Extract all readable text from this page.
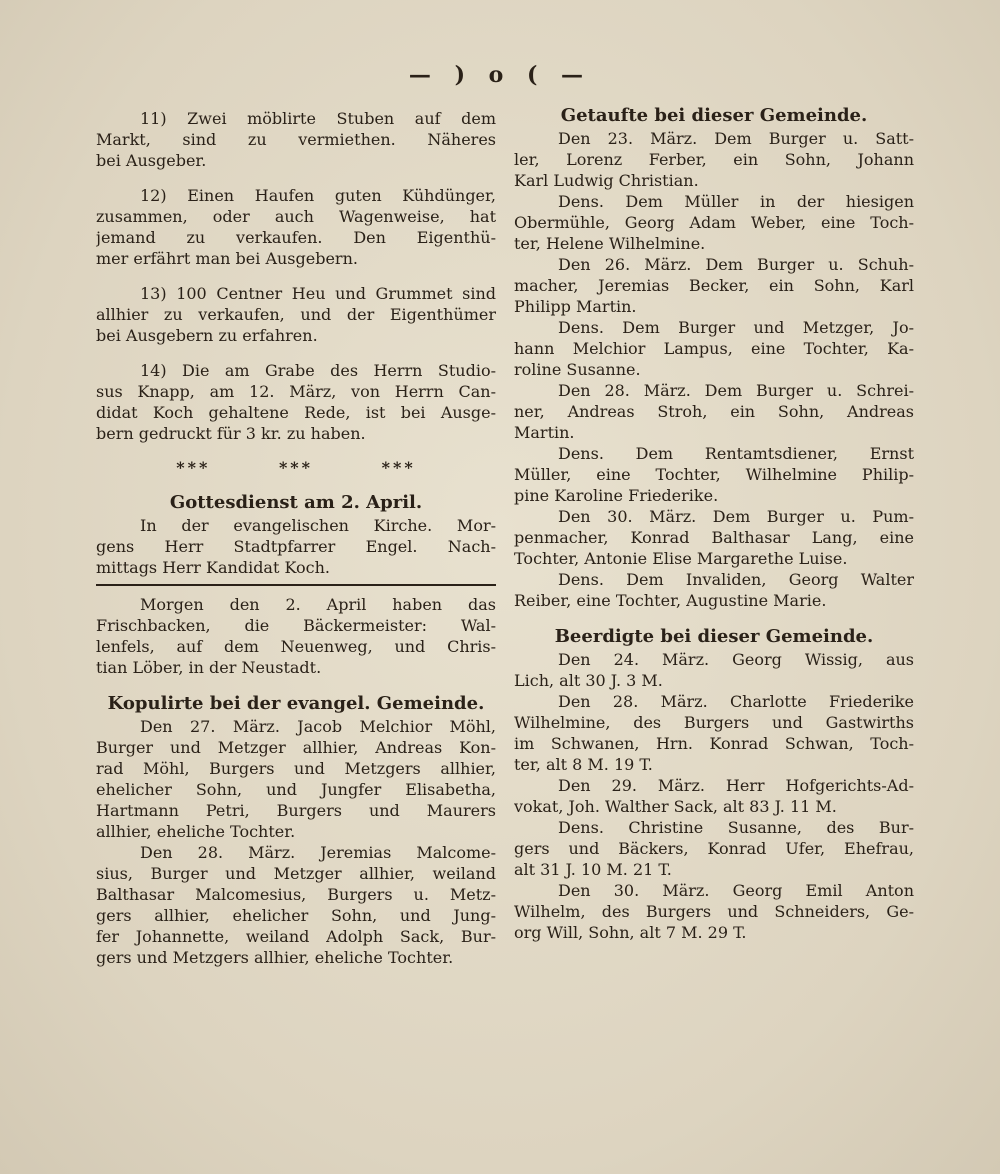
— ) o ( —
11) Zwei möblirte Stuben auf dem
Markt, sind zu vermiethen. Näheres
bei Ausgeber.
12) Einen Haufen guten Kühdünger,
zusammen, oder auch Wagenweise, hat
jemand zu verkaufen. Den Eigenthü-
mer erfährt man bei Ausgebern.
13) 100 Centner Heu und Grummet sind
allhier zu verkaufen, und der Eigenthümer
bei Ausgebern zu erfahren.
14) Die am Grabe des Herrn Studio-
sus Knapp, am 12. März, von Herrn Can-
didat Koch gehaltene Rede, ist bei Ausge-
bern gedruckt für 3 kr. zu haben.
*** *** ***
Gottesdienst am 2. April.
In der evangelischen Kirche. Mor-
gens Herr Stadtpfarrer Engel. Nach-
mittags Herr Kandidat Koch.
Morgen den 2. April haben das
Frischbacken, die Bäckermeister: Wal-
lenfels, auf dem Neuenweg, und Chris-
tian Löber, in der Neustadt.
Kopulirte bei der evangel. Gemeinde.
Den 27. März. Jacob Melchior Möhl,
Burger und Metzger allhier, Andreas Kon-
rad Möhl, Burgers und Metzgers allhier,
ehelicher Sohn, und Jungfer Elisabetha,
Hartmann Petri, Burgers und Maurers
allhier, eheliche Tochter.
Den 28. März. Jeremias Malcome-
sius, Burger und Metzger allhier, weiland
Balthasar Malcomesius, Burgers u. Metz-
gers allhier, ehelicher Sohn, und Jung-
fer Johannette, weiland Adolph Sack, Bur-
gers und Metzgers allhier, eheliche Tochter.
Getaufte bei dieser Gemeinde.
Den 23. März. Dem Burger u. Satt-
ler, Lorenz Ferber, ein Sohn, Johann
Karl Ludwig Christian.
Dens. Dem Müller in der hiesigen
Obermühle, Georg Adam Weber, eine Toch-
ter, Helene Wilhelmine.
Den 26. März. Dem Burger u. Schuh-
macher, Jeremias Becker, ein Sohn, Karl
Philipp Martin.
Dens. Dem Burger und Metzger, Jo-
hann Melchior Lampus, eine Tochter, Ka-
roline Susanne.
Den 28. März. Dem Burger u. Schrei-
ner, Andreas Stroh, ein Sohn, Andreas
Martin.
Dens. Dem Rentamtsdiener, Ernst
Müller, eine Tochter, Wilhelmine Philip-
pine Karoline Friederike.
Den 30. März. Dem Burger u. Pum-
penmacher, Konrad Balthasar Lang, eine
Tochter, Antonie Elise Margarethe Luise.
Dens. Dem Invaliden, Georg Walter
Reiber, eine Tochter, Augustine Marie.
Beerdigte bei dieser Gemeinde.
Den 24. März. Georg Wissig, aus
Lich, alt 30 J. 3 M.
Den 28. März. Charlotte Friederike
Wilhelmine, des Burgers und Gastwirths
im Schwanen, Hrn. Konrad Schwan, Toch-
ter, alt 8 M. 19 T.
Den 29. März. Herr Hofgerichts-Ad-
vokat, Joh. Walther Sack, alt 83 J. 11 M.
Dens. Christine Susanne, des Bur-
gers und Bäckers, Konrad Ufer, Ehefrau,
alt 31 J. 10 M. 21 T.
Den 30. März. Georg Emil Anton
Wilhelm, des Burgers und Schneiders, Ge-
org Will, Sohn, alt 7 M. 29 T.
